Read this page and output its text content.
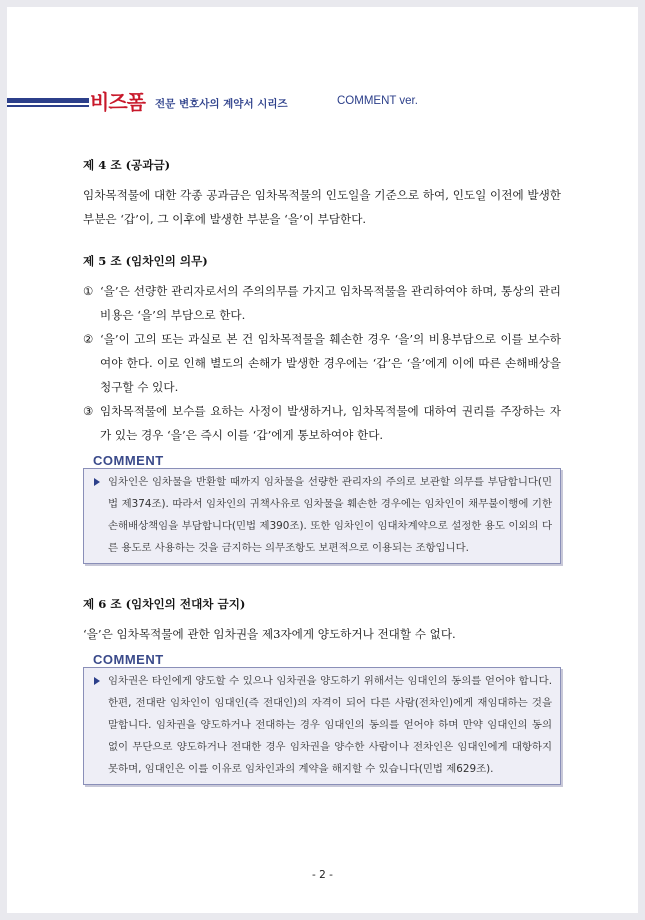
비즈폼 전문 변호사의 계약서 시리즈	COMMENT ver.

제 4 조 (공과금)

임차목적물에 대한 각종 공과금은 임차목적물의 인도일을 기준으로 하여, 인도일 이전에 발생한 부분은 ‘갑’이, 그 이후에 발생한 부분을 ‘을’이 부담한다.

제 5 조 (임차인의 의무)

① ‘을’은 선량한 관리자로서의 주의의무를 가지고 임차목적물을 관리하여야 하며, 통상의 관리비용은 ‘을’의 부담으로 한다.
② ‘을’이 고의 또는 과실로 본 건 임차목적물을 훼손한 경우 ‘을’의 비용부담으로 이를 보수하여야 한다. 이로 인해 별도의 손해가 발생한 경우에는 ‘갑’은 ‘을’에게 이에 따른 손해배상을 청구할 수 있다.
③ 임차목적물에 보수를 요하는 사정이 발생하거나, 임차목적물에 대하여 권리를 주장하는 자가 있는 경우 ‘을’은 즉시 이를 ‘갑’에게 통보하여야 한다.
COMMENT
임차인은 임차물을 반환할 때까지 임차물을 선량한 관리자의 주의로 보관할 의무를 부담합니다(민법 제374조). 따라서 임차인의 귀책사유로 임차물을 훼손한 경우에는 임차인이 채무불이행에 기한 손해배상책임을 부담합니다(민법 제390조). 또한 임차인이 임대차계약으로 설정한 용도 이외의 다른 용도로 사용하는 것을 금지하는 의무조항도 보편적으로 이용되는 조항입니다.

제 6 조 (임차인의 전대차 금지)

‘을’은 임차목적물에 관한 임차권을 제3자에게 양도하거나 전대할 수 없다.

COMMENT
임차권은 타인에게 양도할 수 있으나 임차권을 양도하기 위해서는 임대인의 동의를 얻어야 합니다. 한편, 전대란 임차인이 임대인(즉 전대인)의 자격이 되어 다른 사람(전차인)에게 재임대하는 것을 말합니다. 임차권을 양도하거나 전대하는 경우 임대인의 동의를 얻어야 하며 만약 임대인의 동의 없이 무단으로 양도하거나 전대한 경우 임차권을 양수한 사람이나 전차인은 임대인에게 대항하지 못하며, 임대인은 이를 이유로 임차인과의 계약을 해지할 수 있습니다(민법 제629조).
- 2 -
